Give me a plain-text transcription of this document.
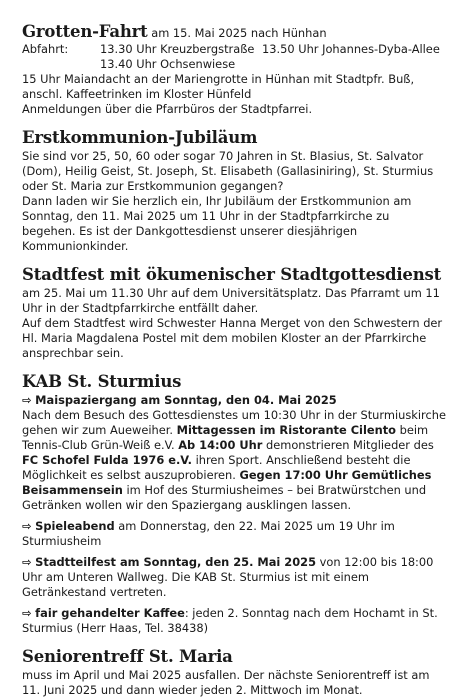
Grotten-Fahrt am 15. Mai 2025 nach Hünhan

Abfahrt:	13.30 Uhr Kreuzbergstraße 13.50 Uhr Johannes-Dyba-Allee
13.40 Uhr Ochsenwiese

15 Uhr Maiandacht an der Mariengrotte in Hünhan mit Stadtpfr. Buß, anschl. Kaffeetrinken im Kloster Hünfeld

Anmeldungen über die Pfarrbüros der Stadtpfarrei.

Erstkommunion-Jubiläum

Sie sind vor 25, 50, 60 oder sogar 70 Jahren in St. Blasius, St. Salvator (Dom), Heilig Geist, St. Joseph, St. Elisabeth (Gallasiniring), St. Sturmius oder St. Maria zur Erstkommunion gegangen?

Dann laden wir Sie herzlich ein, Ihr Jubiläum der Erstkommunion am Sonntag, den 11. Mai 2025 um 11 Uhr in der Stadtpfarrkirche zu begehen. Es ist der Dankgottesdienst unserer diesjährigen Kommunionkinder.

Stadtfest mit ökumenischer Stadtgottesdienst

am 25. Mai um 11.30 Uhr auf dem Universitätsplatz. Das Pfarramt um 11 Uhr in der Stadtpfarrkirche entfällt daher.

Auf dem Stadtfest wird Schwester Hanna Merget von den Schwestern der Hl. Maria Magdalena Postel mit dem mobilen Kloster an der Pfarrkirche ansprechbar sein.

KAB St. Sturmius

⇨ Maispaziergang am Sonntag, den 04. Mai 2025

Nach dem Besuch des Gottesdienstes um 10:30 Uhr in der Sturmiuskirche gehen wir zum Aueweiher. Mittagessen im Ristorante Cilento beim Tennis-Club Grün-Weiß e.V. Ab 14:00 Uhr demonstrieren Mitglieder des FC Schofel Fulda 1976 e.V. ihren Sport. Anschließend besteht die Möglichkeit es selbst auszuprobieren. Gegen 17:00 Uhr Gemütliches Beisammensein im Hof des Sturmiusheimes – bei Bratwürstchen und Getränken wollen wir den Spaziergang ausklingen lassen.

⇨ Spieleabend am Donnerstag, den 22. Mai 2025 um 19 Uhr im Sturmiusheim

⇨ Stadtteilfest am Sonntag, den 25. Mai 2025 von 12:00 bis 18:00 Uhr am Unteren Wallweg. Die KAB St. Sturmius ist mit einem Getränkestand vertreten.

⇨ fair gehandelter Kaffee: jeden 2. Sonntag nach dem Hochamt in St. Sturmius (Herr Haas, Tel. 38438)

Seniorentreff St. Maria

muss im April und Mai 2025 ausfallen. Der nächste Seniorentreff ist am 11. Juni 2025 und dann wieder jeden 2. Mittwoch im Monat.
